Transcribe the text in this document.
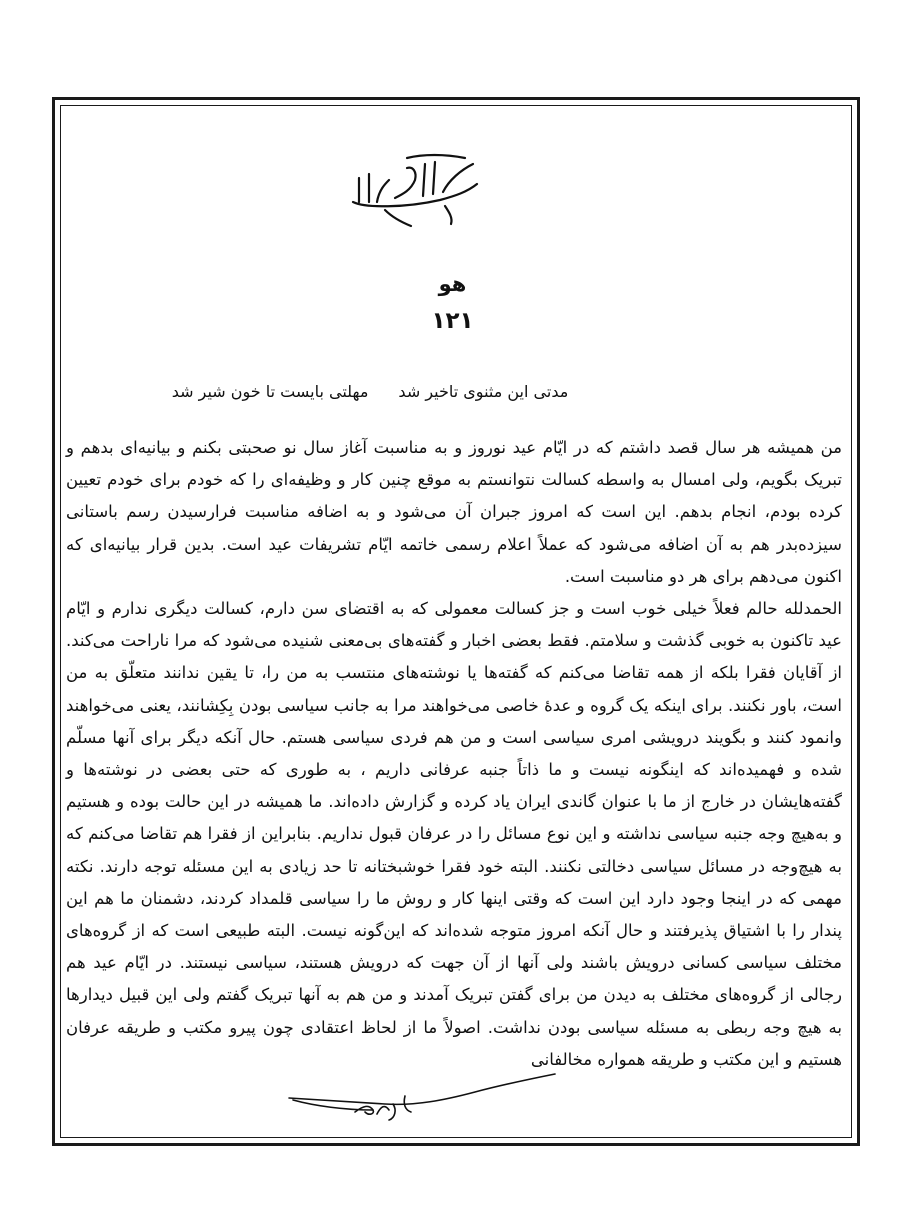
هو
۱۲۱
مدتی این مثنوی تاخیر شد
مهلتی بایست تا خون شیر شد

من همیشه هر سال قصد داشتم که در ایّام عید نوروز و به مناسبت آغاز سال نو صحبتی بکنم و بیانیه‌ای بدهم و تبریک بگویم، ولی امسال به واسطه کسالت نتوانستم به موقع چنین کار و وظیفه‌ای را که خودم برای خودم تعیین کرده بودم، انجام بدهم. این است که امروز جبران آن می‌شود و به اضافه مناسبت فرارسیدن رسم باستانی سیزده‌بدر هم به آن اضافه می‌شود که عملاً اعلام رسمی خاتمه ایّام تشریفات عید است. بدین قرار بیانیه‌ای که اکنون می‌دهم برای هر دو مناسبت است.

الحمدلله حالم فعلاً خیلی خوب است و جز کسالت معمولی که به اقتضای سن دارم، کسالت دیگری ندارم و ایّام عید تاکنون به خوبی گذشت و سلامتم. فقط بعضی اخبار و گفته‌های بی‌معنی شنیده می‌شود که مرا ناراحت می‌کند. از آقایان فقرا بلکه از همه تقاضا می‌کنم که گفته‌ها یا نوشته‌های منتسب به من را، تا یقین ندانند متعلّق به من است، باور نکنند. برای اینکه یک گروه و عدهٔ خاصی می‌خواهند مرا به جانب سیاسی بودن بِکِشانند، یعنی می‌خواهند وانمود کنند و بگویند درویشی امری سیاسی است و من هم فردی سیاسی هستم. حال آنکه دیگر برای آنها مسلّم شده و فهمیده‌اند که اینگونه نیست و ما ذاتاً جنبه عرفانی داریم ، به طوری که حتی بعضی در نوشته‌ها و گفته‌هایشان در خارج از ما با عنوان گاندی ایران یاد کرده و گزارش داده‌اند. ما همیشه در این حالت بوده و هستیم و به‌هیچ وجه جنبه سیاسی نداشته و این نوع مسائل را در عرفان قبول نداریم. بنابراین از فقرا هم تقاضا می‌کنم که به هیچ‌وجه در مسائل سیاسی دخالتی نکنند. البته خود فقرا خوشبختانه تا حد زیادی به این مسئله توجه دارند. نکته مهمی که در اینجا وجود دارد این است که وقتی اینها کار و روش ما را سیاسی قلمداد کردند، دشمنان ما هم این پندار را با اشتیاق پذیرفتند و حال آنکه امروز متوجه شده‌اند که این‌گونه نیست. البته طبیعی است که از گروه‌های مختلف سیاسی کسانی درویش باشند ولی آنها از آن جهت که درویش هستند، سیاسی نیستند. در ایّام عید هم رجالی از گروه‌های مختلف به دیدن من برای گفتن تبریک آمدند و من هم به آنها تبریک گفتم ولی این قبیل دیدارها به هیچ وجه ربطی به مسئله سیاسی بودن نداشت. اصولاً ما از لحاظ اعتقادی چون پیرو مکتب و طریقه عرفان هستیم و این مکتب و طریقه همواره مخالفانی
